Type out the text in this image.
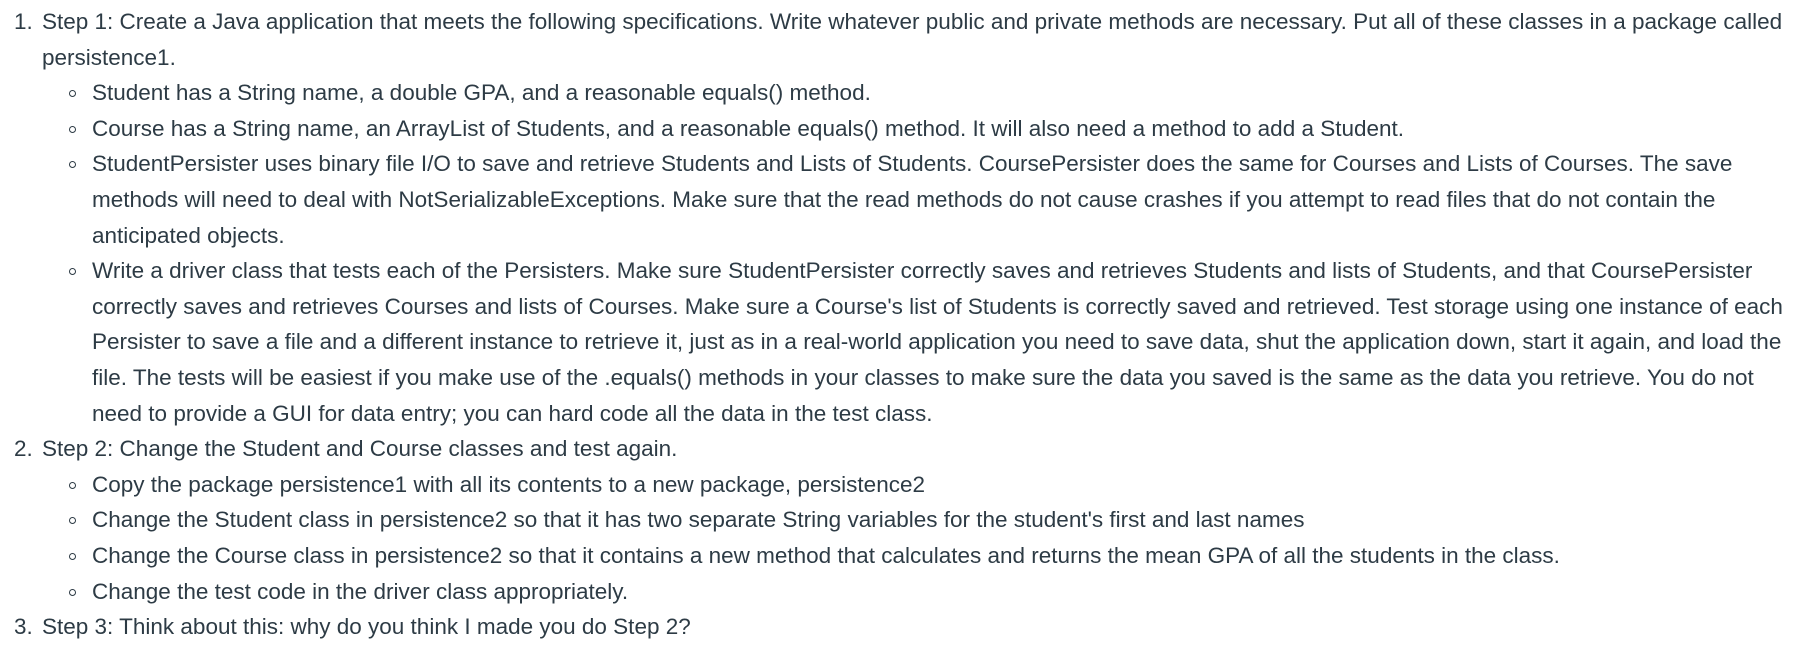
1. Step 1: Create a Java application that meets the following specifications. Write whatever public and private methods are necessary. Put all of these classes in a package called persistence1.
Student has a String name, a double GPA, and a reasonable equals() method.
Course has a String name, an ArrayList of Students, and a reasonable equals() method. It will also need a method to add a Student.
StudentPersister uses binary file I/O to save and retrieve Students and Lists of Students. CoursePersister does the same for Courses and Lists of Courses. The save methods will need to deal with NotSerializableExceptions. Make sure that the read methods do not cause crashes if you attempt to read files that do not contain the anticipated objects.
Write a driver class that tests each of the Persisters. Make sure StudentPersister correctly saves and retrieves Students and lists of Students, and that CoursePersister correctly saves and retrieves Courses and lists of Courses. Make sure a Course's list of Students is correctly saved and retrieved. Test storage using one instance of each Persister to save a file and a different instance to retrieve it, just as in a real-world application you need to save data, shut the application down, start it again, and load the file. The tests will be easiest if you make use of the .equals() methods in your classes to make sure the data you saved is the same as the data you retrieve. You do not need to provide a GUI for data entry; you can hard code all the data in the test class.
2. Step 2: Change the Student and Course classes and test again.
Copy the package persistence1 with all its contents to a new package, persistence2
Change the Student class in persistence2 so that it has two separate String variables for the student's first and last names
Change the Course class in persistence2 so that it contains a new method that calculates and returns the mean GPA of all the students in the class.
Change the test code in the driver class appropriately.
3. Step 3: Think about this: why do you think I made you do Step 2?
